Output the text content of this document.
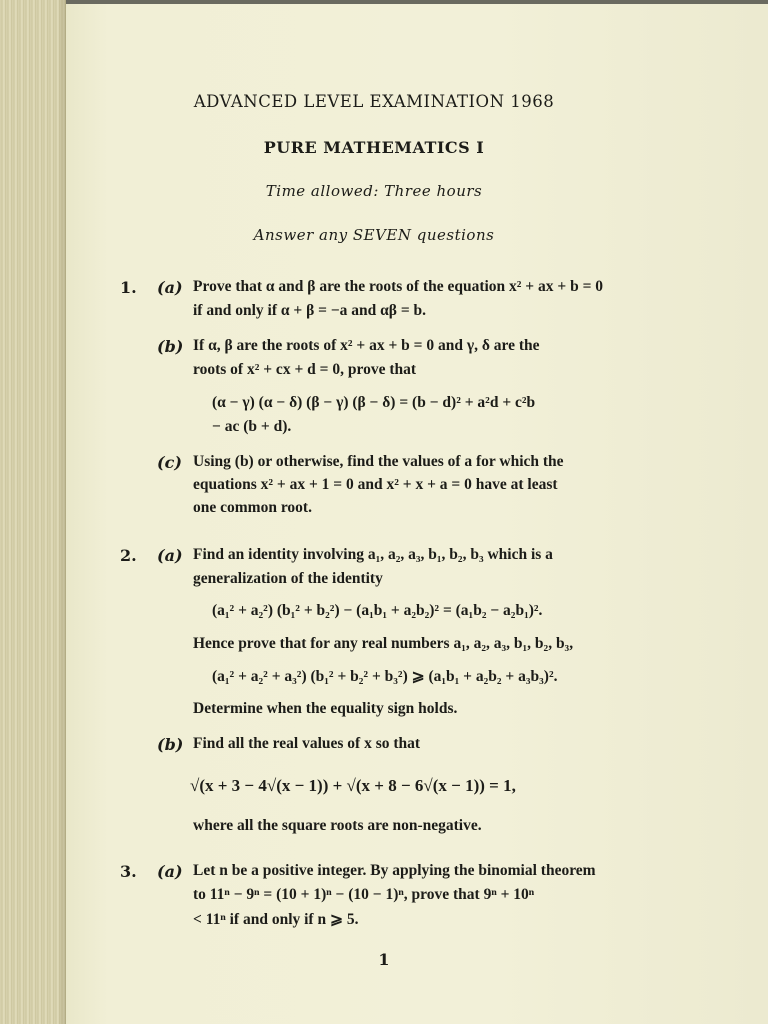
ADVANCED LEVEL EXAMINATION 1968
PURE MATHEMATICS I
Time allowed: Three hours
Answer any SEVEN questions
1. (a) Prove that α and β are the roots of the equation x² + ax + b = 0
if and only if α + β = −a and αβ = b.
(b) If α, β are the roots of x² + ax + b = 0 and γ, δ are the
roots of x² + cx + d = 0, prove that
(α − γ) (α − δ) (β − γ) (β − δ) = (b − d)² + a²d + c²b
− ac (b + d).
(c) Using (b) or otherwise, find the values of a for which the
equations x² + ax + 1 = 0 and x² + x + a = 0 have at least
one common root.
2. (a) Find an identity involving a₁, a₂, a₃, b₁, b₂, b₃ which is a
generalization of the identity
(a₁² + a₂²) (b₁² + b₂²) − (a₁b₁ + a₂b₂)² = (a₁b₂ − a₂b₁)².
Hence prove that for any real numbers a₁, a₂, a₃, b₁, b₂, b₃,
(a₁² + a₂² + a₃²) (b₁² + b₂² + b₃²) ⩾ (a₁b₁ + a₂b₂ + a₃b₃)².
Determine when the equality sign holds.
(b) Find all the real values of x so that
√(x + 3 − 4√(x − 1)) + √(x + 8 − 6√(x − 1)) = 1,
where all the square roots are non-negative.
3. (a) Let n be a positive integer. By applying the binomial theorem
to 11ⁿ − 9ⁿ = (10 + 1)ⁿ − (10 − 1)ⁿ, prove that 9ⁿ + 10ⁿ
< 11ⁿ if and only if n ⩾ 5.
1
